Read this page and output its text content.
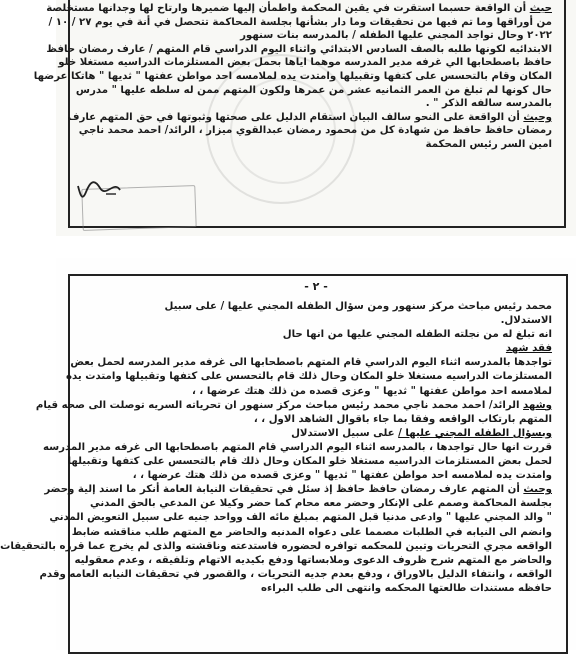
حيث أن الواقعة حسبما استقرت في يقين المحكمة واطمأن إليها ضميرها وارتاح لها وجدانها مستخلصة
من أوراقها وما تم فيها من تحقيقات وما دار بشأنها بجلسة المحاكمة تتحصل في أنة في يوم ٢٧ / ١٠ /
٢٠٢٢ وحال تواجد المجني عليها الطفله / بالمدرسه بنات سنهور
الابتدائيه لكونها طلبه بالصف السادس الابتدائي واثناء اليوم الدراسي قام المتهم / عارف رمضان حافظ
حافظ باصطحابها الي غرفه مدير المدرسه موهما اياها بحمل بعض المستلزمات الدراسيه مستغلا خلو
المكان وقام بالتحسس على كتفها وتقبيلها وامتدت يده لملامسه احد مواطن عفتها " ثديها " هاتكا عرضها
حال كونها لم تبلغ من العمر الثمانيه عشر من عمرها ولكون المتهم ممن له سلطه عليها " مدرس
بالمدرسه سالفه الذكر " .
وحيث أن الواقعة على النحو سالف البيان استقام الدليل على صحتها وثبوتها في حق المتهم عارف
رمضان حافظ حافظ من شهادة كل من محمود رمضان عبدالقوي ميزار ، الرائد/ احمد محمد ناجي
امين السر رئيس المحكمة
- ٢ -
محمد رئيس مباحث مركز سنهور ومن سؤال الطفله المجني عليها / على سبيل
الاستدلال.
انه تبلغ له من نجلته الطفله المجني عليها من انها حال
فقد شهد
تواجدها بالمدرسه اثناء اليوم الدراسي قام المتهم باصطحابها الى غرفه مدير المدرسه لحمل بعض
المستلزمات الدراسيه مستغلا خلو المكان وحال ذلك قام بالتحسس على كتفها وتقبيلها وامتدت يده
لملامسه احد مواطن عفتها " ثديها " وعزى قصده من ذلك هتك عرضها ، ،
وشهد الرائد/ احمد محمد ناجي محمد رئيس مباحث مركز سنهور ان تحرياته السريه توصلت الى صحه قيام
المتهم بارتكاب الواقعه وفقا بما جاء باقوال الشاهد الاول ، ،
وبسؤال الطفله المجني عليها / على سبيل الاستدلال
قررت انها حال تواجدها ، بالمدرسه اثناء اليوم الدراسي قام المتهم باصطحابها الى غرفه مدير المدرسه
لحمل بعض المستلزمات الدراسيه مستغلا خلو المكان وحال ذلك قام بالتحسس على كتفها وتقبيلها
وامتدت يده لملامسه احد مواطن عفتها " ثديها " وعزى قصده من ذلك هتك عرضها ، ،
وحيث أن المتهم عارف رمضان حافظ حافظ إذ سئل في تحقيقات النيابة العامة أنكر ما اسند إلية وحضر
بجلسة المحاكمة وصمم على الإنكار وحضر معه محام كما حضر وكيلا عن المدعي بالحق المدني
" والد المجني عليها " وادعى مدنيا قبل المتهم بمبلغ مائه الف وواحد جنيه على سبيل التعويض المدني
وانضم الى النيابه في الطلبات مصمما على دعواه المدنيه والحاضر مع المتهم طلب مناقشه ضابط
الواقعه مجري التحريات وتبين للمحكمه توافره لحضوره فاستدعته وناقشته والذى لم يخرج عما قرره بالتحقيقات
والحاضر مع المتهم شرح ظروف الدعوى وملابساتها ودفع بكيديه الاتهام وتلفيقه ، وعدم معقوليه
الواقعه ، وانتفاء الدليل بالاوراق ، ودفع بعدم جديه التحريات ، والقصور في تحقيقات النيابه العامه وقدم
حافظه مستندات طالعتها المحكمه وانتهى الى طلب البراءه
